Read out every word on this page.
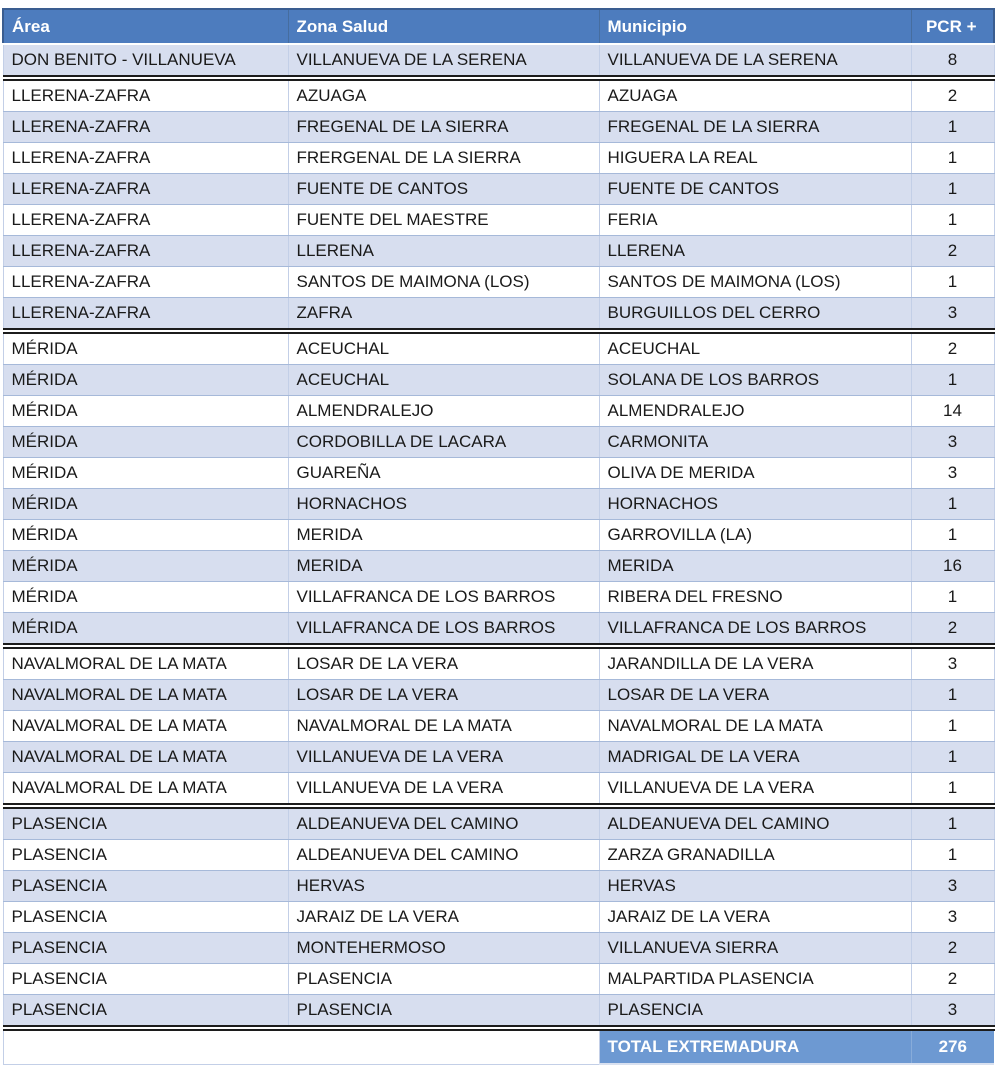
Área	Zona Salud	Municipio	PCR +
DON BENITO - VILLANUEVA	VILLANUEVA DE LA SERENA	VILLANUEVA DE LA SERENA	8
LLERENA-ZAFRA	AZUAGA	AZUAGA	2
LLERENA-ZAFRA	FREGENAL DE LA SIERRA	FREGENAL DE LA SIERRA	1
LLERENA-ZAFRA	FRERGENAL DE LA SIERRA	HIGUERA LA REAL	1
LLERENA-ZAFRA	FUENTE DE CANTOS	FUENTE DE CANTOS	1
LLERENA-ZAFRA	FUENTE DEL MAESTRE	FERIA	1
LLERENA-ZAFRA	LLERENA	LLERENA	2
LLERENA-ZAFRA	SANTOS DE MAIMONA (LOS)	SANTOS DE MAIMONA (LOS)	1
LLERENA-ZAFRA	ZAFRA	BURGUILLOS DEL CERRO	3
MÉRIDA	ACEUCHAL	ACEUCHAL	2
MÉRIDA	ACEUCHAL	SOLANA DE LOS BARROS	1
MÉRIDA	ALMENDRALEJO	ALMENDRALEJO	14
MÉRIDA	CORDOBILLA DE LACARA	CARMONITA	3
MÉRIDA	GUAREÑA	OLIVA DE MERIDA	3
MÉRIDA	HORNACHOS	HORNACHOS	1
MÉRIDA	MERIDA	GARROVILLA (LA)	1
MÉRIDA	MERIDA	MERIDA	16
MÉRIDA	VILLAFRANCA DE LOS BARROS	RIBERA DEL FRESNO	1
MÉRIDA	VILLAFRANCA DE LOS BARROS	VILLAFRANCA DE LOS BARROS	2
NAVALMORAL DE LA MATA	LOSAR DE LA VERA	JARANDILLA DE LA VERA	3
NAVALMORAL DE LA MATA	LOSAR DE LA VERA	LOSAR DE LA VERA	1
NAVALMORAL DE LA MATA	NAVALMORAL DE LA MATA	NAVALMORAL DE LA MATA	1
NAVALMORAL DE LA MATA	VILLANUEVA DE LA VERA	MADRIGAL DE LA VERA	1
NAVALMORAL DE LA MATA	VILLANUEVA DE LA VERA	VILLANUEVA DE LA VERA	1
PLASENCIA	ALDEANUEVA DEL CAMINO	ALDEANUEVA DEL CAMINO	1
PLASENCIA	ALDEANUEVA DEL CAMINO	ZARZA GRANADILLA	1
PLASENCIA	HERVAS	HERVAS	3
PLASENCIA	JARAIZ DE LA VERA	JARAIZ DE LA VERA	3
PLASENCIA	MONTEHERMOSO	VILLANUEVA SIERRA	2
PLASENCIA	PLASENCIA	MALPARTIDA PLASENCIA	2
PLASENCIA	PLASENCIA	PLASENCIA	3
		TOTAL EXTREMADURA	276
